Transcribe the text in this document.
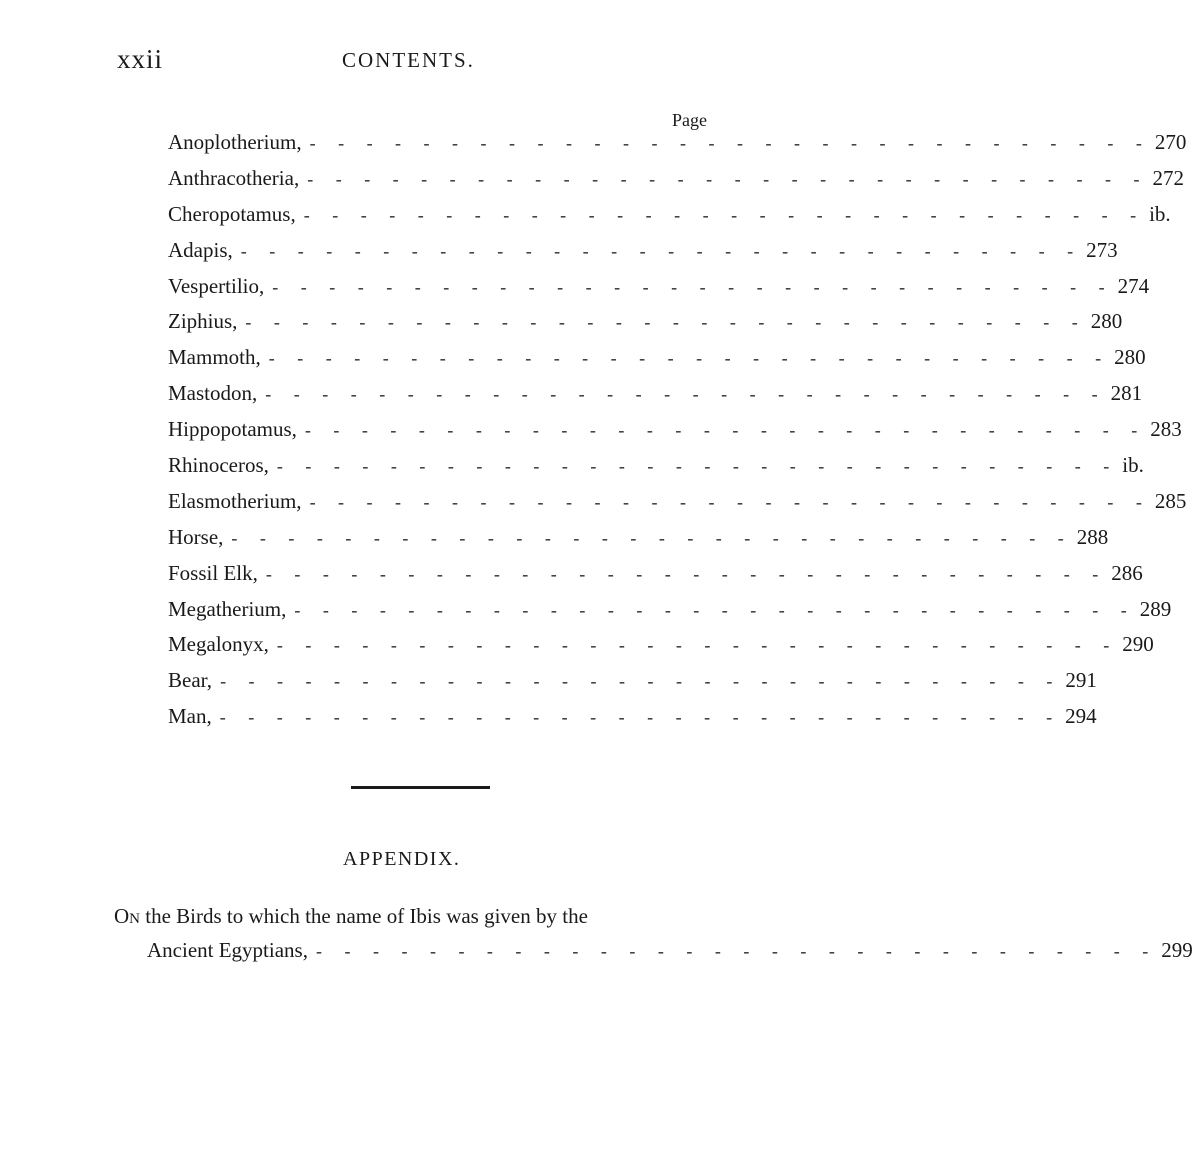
xxii	CONTENTS.
Page
Anoplotherium, - - - - - - - - - - - - - - - - - - - - - - - - - - - - - - 270
Anthracotheria, - - - - - - - - - - - - - - - - - - - - - - - - - - - - - - 272
Cheropotamus, - - - - - - - - - - - - - - - - - - - - - - - - - - - - - - ib.
Adapis, - - - - - - - - - - - - - - - - - - - - - - - - - - - - - - 273
Vespertilio, - - - - - - - - - - - - - - - - - - - - - - - - - - - - - - 274
Ziphius, - - - - - - - - - - - - - - - - - - - - - - - - - - - - - - 280
Mammoth, - - - - - - - - - - - - - - - - - - - - - - - - - - - - - - 280
Mastodon, - - - - - - - - - - - - - - - - - - - - - - - - - - - - - - 281
Hippopotamus, - - - - - - - - - - - - - - - - - - - - - - - - - - - - - - 283
Rhinoceros, - - - - - - - - - - - - - - - - - - - - - - - - - - - - - - ib.
Elasmotherium, - - - - - - - - - - - - - - - - - - - - - - - - - - - - - - 285
Horse, - - - - - - - - - - - - - - - - - - - - - - - - - - - - - - 288
Fossil Elk, - - - - - - - - - - - - - - - - - - - - - - - - - - - - - - 286
Megatherium, - - - - - - - - - - - - - - - - - - - - - - - - - - - - - - 289
Megalonyx, - - - - - - - - - - - - - - - - - - - - - - - - - - - - - - 290
Bear, - - - - - - - - - - - - - - - - - - - - - - - - - - - - - - 291
Man, - - - - - - - - - - - - - - - - - - - - - - - - - - - - - - 294
APPENDIX.
On the Birds to which the name of Ibis was given by the
Ancient Egyptians, - - - - - - - - - - - - - - - - - - - - - - - - - - - - - - 299
